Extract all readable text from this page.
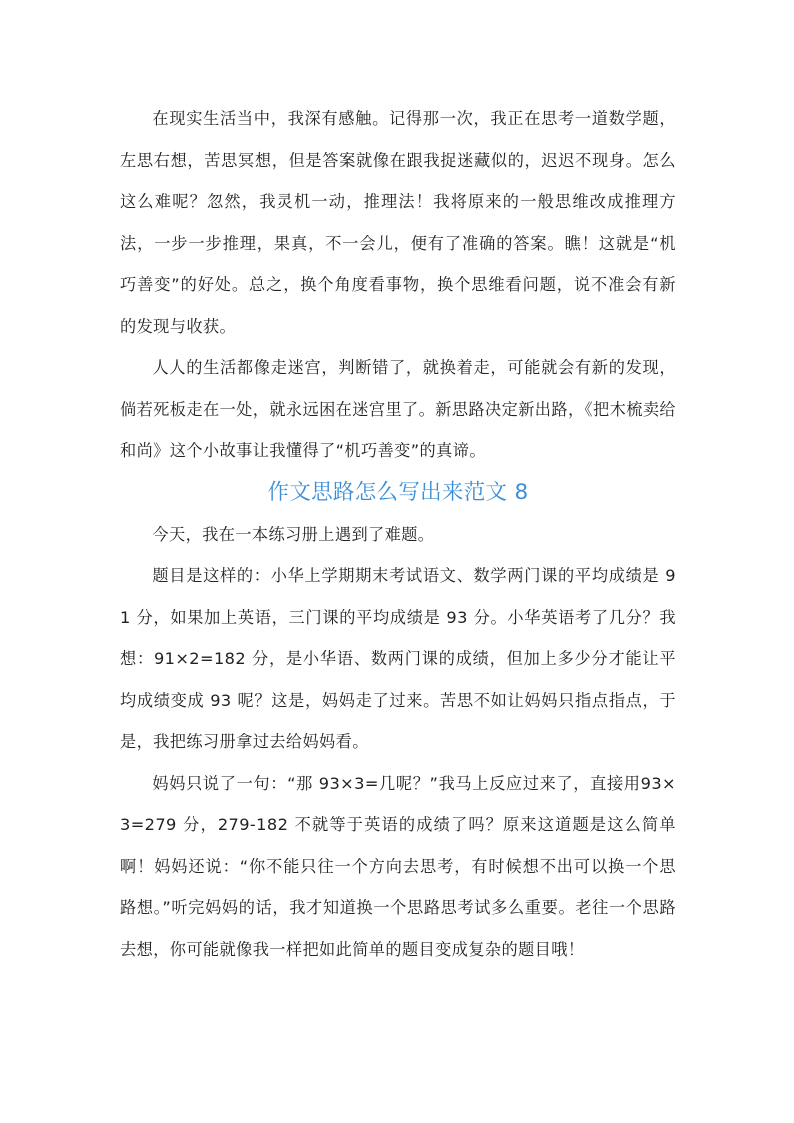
在现实生活当中，我深有感触。记得那一次，我正在思考一道数学题，左思右想，苦思冥想，但是答案就像在跟我捉迷藏似的，迟迟不现身。怎么这么难呢？忽然，我灵机一动，推理法！我将原来的一般思维改成推理方法，一步一步推理，果真，不一会儿，便有了准确的答案。瞧！这就是“机巧善变”的好处。总之，换个角度看事物，换个思维看问题，说不准会有新的发现与收获。

人人的生活都像走迷宫，判断错了，就换着走，可能就会有新的发现，倘若死板走在一处，就永远困在迷宫里了。新思路决定新出路，《把木梳卖给和尚》这个小故事让我懂得了“机巧善变”的真谛。

作文思路怎么写出来范文 8

今天，我在一本练习册上遇到了难题。

题目是这样的：小华上学期期末考试语文、数学两门课的平均成绩是 91 分，如果加上英语，三门课的平均成绩是 93 分。小华英语考了几分？我想：91×2=182 分，是小华语、数两门课的成绩，但加上多少分才能让平均成绩变成 93 呢？这是，妈妈走了过来。苦思不如让妈妈只指点指点，于是，我把练习册拿过去给妈妈看。

妈妈只说了一句：“那 93×3=几呢？”我马上反应过来了，直接用93×3=279 分，279-182 不就等于英语的成绩了吗？原来这道题是这么简单啊！妈妈还说：“你不能只往一个方向去思考，有时候想不出可以换一个思路想。”听完妈妈的话，我才知道换一个思路思考试多么重要。老往一个思路去想，你可能就像我一样把如此简单的题目变成复杂的题目哦！
